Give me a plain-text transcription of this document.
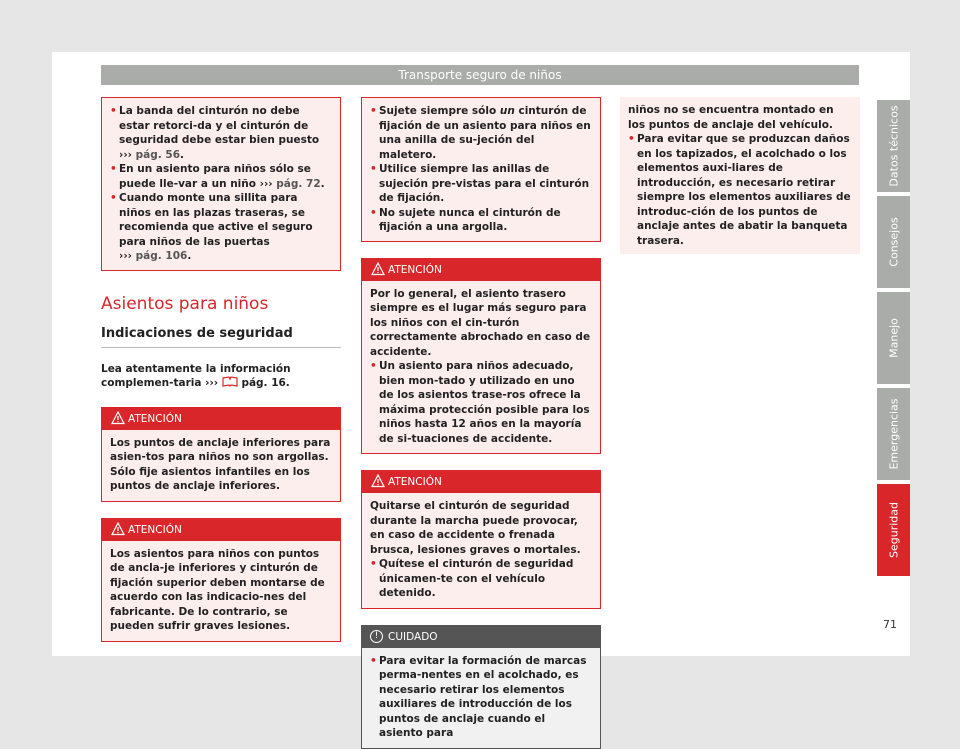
Transporte seguro de niños
• La banda del cinturón no debe estar retorci-da y el cinturón de seguridad debe estar bien puesto ››› pág. 56.
• En un asiento para niños sólo se puede lle-var a un niño ››› pág. 72.
• Cuando monte una sillita para niños en las plazas traseras, se recomienda que active el seguro para niños de las puertas
››› pág. 106.
Asientos para niños
Indicaciones de seguridad

Lea atentamente la información complemen-taria ››› pág. 16.

ATENCIÓN
Los puntos de anclaje inferiores para asien-tos para niños no son argollas. Sólo fije asientos infantiles en los puntos de anclaje inferiores.
ATENCIÓN
Los asientos para niños con puntos de ancla-je inferiores y cinturón de fijación superior deben montarse de acuerdo con las indicacio-nes del fabricante. De lo contrario, se pueden sufrir graves lesiones.
• Sujete siempre sólo un cinturón de fijación de un asiento para niños en una anilla de su-jeción del maletero.
• Utilice siempre las anillas de sujeción pre-vistas para el cinturón de fijación.
• No sujete nunca el cinturón de fijación a una argolla.
ATENCIÓN
Por lo general, el asiento trasero siempre es el lugar más seguro para los niños con el cin-turón correctamente abrochado en caso de accidente.
• Un asiento para niños adecuado, bien mon-tado y utilizado en uno de los asientos trase-ros ofrece la máxima protección posible para los niños hasta 12 años en la mayoría de si-tuaciones de accidente.
ATENCIÓN
Quitarse el cinturón de seguridad durante la marcha puede provocar, en caso de accidente o frenada brusca, lesiones graves o mortales.
• Quítese el cinturón de seguridad únicamen-te con el vehículo detenido.
! CUIDADO
• Para evitar la formación de marcas perma-nentes en el acolchado, es necesario retirar los elementos auxiliares de introducción de los puntos de anclaje cuando el asiento para
niños no se encuentra montado en los puntos de anclaje del vehículo.
• Para evitar que se produzcan daños en los tapizados, el acolchado o los elementos auxi-liares de introducción, es necesario retirar siempre los elementos auxiliares de introduc-ción de los puntos de anclaje antes de abatir la banqueta trasera.
Datos técnicos
Consejos
Manejo
Emergencias
Seguridad
71
